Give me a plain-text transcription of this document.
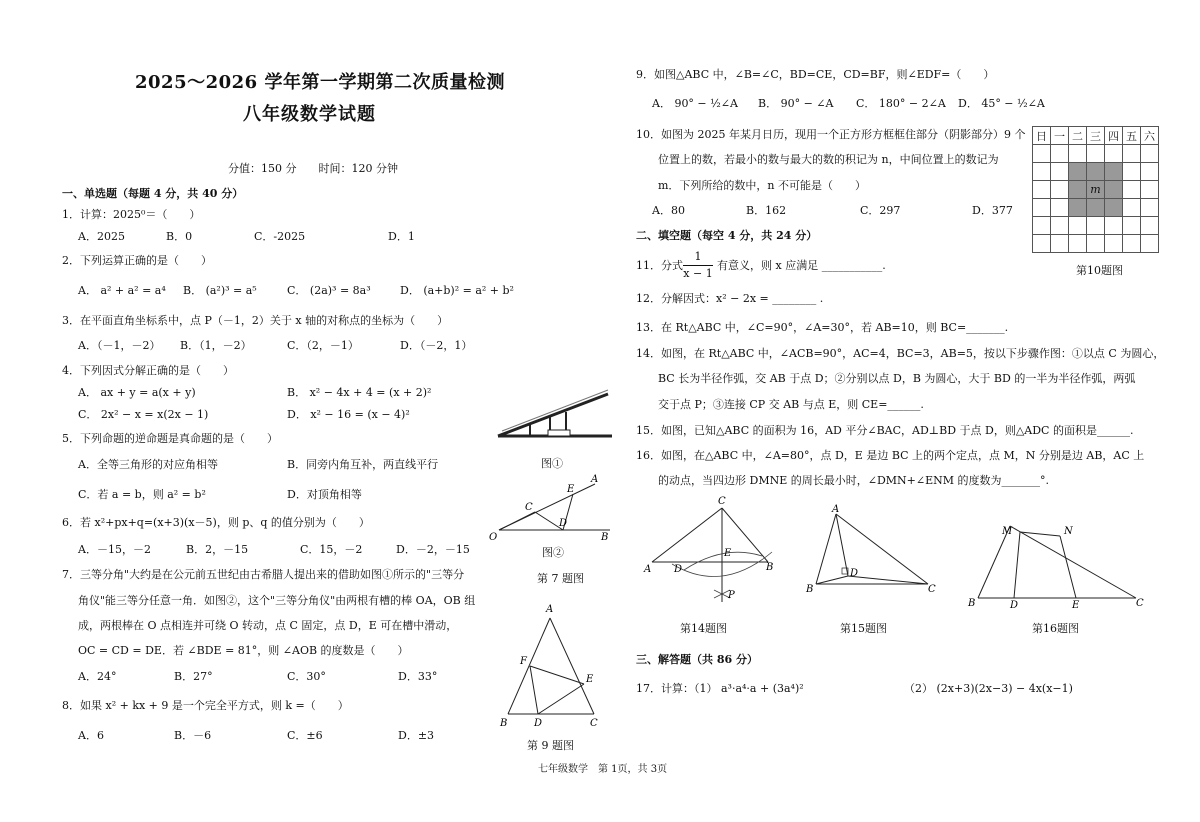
2025～2026 学年第一学期第二次质量检测
八年级数学试题
分值：150 分　　时间：120 分钟
一、单选题（每题 4 分，共 40 分）
1．计算：2025⁰＝（　　）
A．2025	B．0	C．-2025	D．1
2．下列运算正确的是（　　）
A． a² + a² = a⁴ B． (a²)³ = a⁵	C． (2a)³ = 8a³	D． (a+b)² = a² + b²
3．在平面直角坐标系中，点 P（－1，2）关于 x 轴的对称点的坐标为（　　）
A．（－1，－2） B．（1，－2）	C．（2，－1）	D．（－2，1）
4．下列因式分解正确的是（　　）
A． ax + y = a(x + y)	B． x² − 4x + 4 = (x + 2)²
C． 2x² − x = x(2x − 1)	D． x² − 16 = (x − 4)²
5．下列命题的逆命题是真命题的是（　　）
A．全等三角形的对应角相等	B．同旁内角互补，两直线平行
C．若 a = b，则 a² = b²	D．对顶角相等
6．若 x²+px+q=(x+3)(x－5)，则 p、q 的值分别为（　　）
A．－15，－2	B．2，－15	C．15，－2	D．－2，－15
7．三等分角"大约是在公元前五世纪由古希腊人提出来的借助如图①所示的"三等分
角仪"能三等分任意一角．如图②，这个"三等分角仪"由两根有槽的棒 OA，OB 组
成，两根棒在 O 点相连并可绕 O 转动，点 C 固定，点 D，E 可在槽中滑动，
OC = CD = DE．若 ∠BDE = 81°，则 ∠AOB 的度数是（　　）
A．24°	B．27°	C．30°	D．33°
8．如果 x² + kx + 9 是一个完全平方式，则 k =（　　）
A．6	B．－6	C．±6	D．±3
图①
O
C
D
E
A
B
图②
第 7 题图
A
F
E
B	D	C
第 9 题图
9．如图△ABC 中，∠B=∠C，BD=CE，CD=BF，则∠EDF=（　　）
A． 90° − ½∠A B． 90° − ∠A C． 180° − 2∠A D． 45° − ½∠A
10．如图为 2025 年某月日历，现用一个正方形方框框住部分（阴影部分）9 个
位置上的数，若最小的数与最大的数的积记为 n，中间位置上的数记为
m．下列所给的数中，n 不可能是（　　）
A．80	B．162	C．297	D．377
日	一	二	三	四	五	六

			m			

第10题图
二、填空题（每空 4 分，共 24 分）
11．分式
1
x − 1
有意义，则 x 应满足 ___________.
12．分解因式：x² − 2x = ________ .
13．在 Rt△ABC 中，∠C=90°，∠A=30°，若 AB=10，则 BC=_______.
14．如图，在 Rt△ABC 中，∠ACB=90°，AC=4，BC=3，AB=5，按以下步骤作图：①以点 C 为圆心，
BC 长为半径作弧，交 AB 于点 D；②分别以点 D，B 为圆心，大于 BD 的一半为半径作弧，两弧
交于点 P；③连接 CP 交 AB 与点 E，则 CE=______.
15．如图，已知△ABC 的面积为 16，AD 平分∠BAC，AD⊥BD 于点 D，则△ADC 的面积是______.
16．如图，在△ABC 中，∠A=80°，点 D，E 是边 BC 上的两个定点，点 M，N 分别是边 AB，AC 上
的动点，当四边形 DMNE 的周长最小时，∠DMN+∠ENM 的度数为_______°.
C
A D
E
B
P
第14题图
A
B
D
C
第15题图
M	N
B	D	E	C
第16题图
三、解答题（共 86 分）
17．计算：（1） a³·a⁴·a + (3a⁴)²	（2） (2x+3)(2x−3) − 4x(x−1)
七年级数学　第 1页，共 3页
